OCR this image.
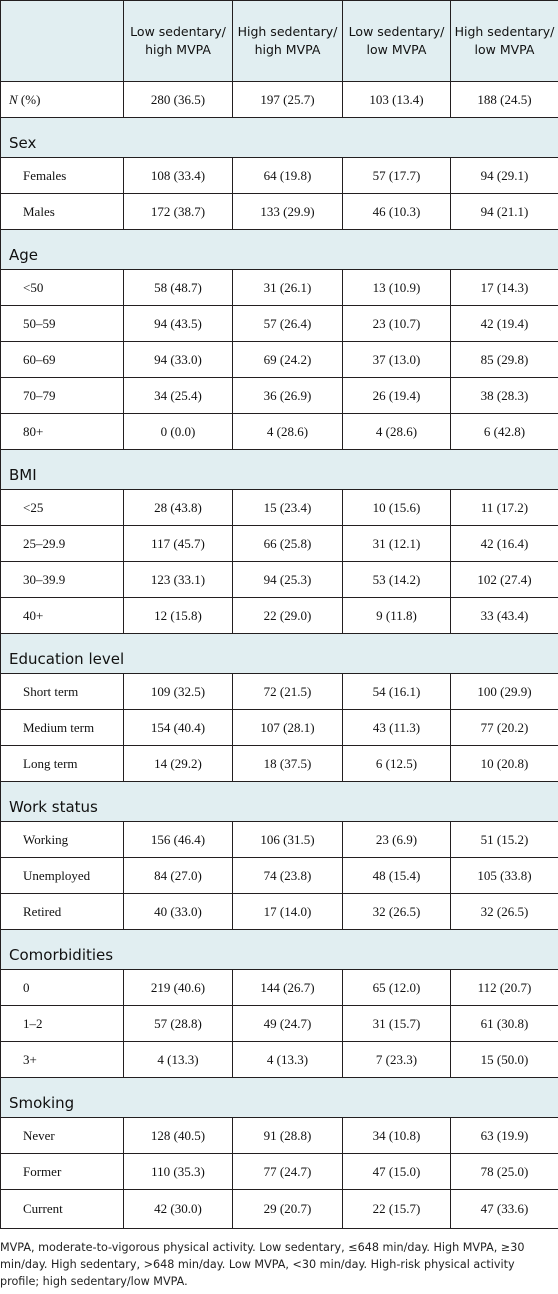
	Low sedentary/ high MVPA	High sedentary/ high MVPA	Low sedentary/ low MVPA	High sedentary/ low MVPA
N (%)	280 (36.5)	197 (25.7)	103 (13.4)	188 (24.5)
Sex				
Females	108 (33.4)	64 (19.8)	57 (17.7)	94 (29.1)
Males	172 (38.7)	133 (29.9)	46 (10.3)	94 (21.1)
Age				
<50	58 (48.7)	31 (26.1)	13 (10.9)	17 (14.3)
50–59	94 (43.5)	57 (26.4)	23 (10.7)	42 (19.4)
60–69	94 (33.0)	69 (24.2)	37 (13.0)	85 (29.8)
70–79	34 (25.4)	36 (26.9)	26 (19.4)	38 (28.3)
80+	0 (0.0)	4 (28.6)	4 (28.6)	6 (42.8)
BMI				
<25	28 (43.8)	15 (23.4)	10 (15.6)	11 (17.2)
25–29.9	117 (45.7)	66 (25.8)	31 (12.1)	42 (16.4)
30–39.9	123 (33.1)	94 (25.3)	53 (14.2)	102 (27.4)
40+	12 (15.8)	22 (29.0)	9 (11.8)	33 (43.4)
Education level				
Short term	109 (32.5)	72 (21.5)	54 (16.1)	100 (29.9)
Medium term	154 (40.4)	107 (28.1)	43 (11.3)	77 (20.2)
Long term	14 (29.2)	18 (37.5)	6 (12.5)	10 (20.8)
Work status				
Working	156 (46.4)	106 (31.5)	23 (6.9)	51 (15.2)
Unemployed	84 (27.0)	74 (23.8)	48 (15.4)	105 (33.8)
Retired	40 (33.0)	17 (14.0)	32 (26.5)	32 (26.5)
Comorbidities				
0	219 (40.6)	144 (26.7)	65 (12.0)	112 (20.7)
1–2	57 (28.8)	49 (24.7)	31 (15.7)	61 (30.8)
3+	4 (13.3)	4 (13.3)	7 (23.3)	15 (50.0)
Smoking				
Never	128 (40.5)	91 (28.8)	34 (10.8)	63 (19.9)
Former	110 (35.3)	77 (24.7)	47 (15.0)	78 (25.0)
Current	42 (30.0)	29 (20.7)	22 (15.7)	47 (33.6)

MVPA, moderate-to-vigorous physical activity. Low sedentary, ≤648 min/day. High MVPA, ≥30 min/day. High sedentary, >648 min/day. Low MVPA, <30 min/day. High-risk physical activity profile; high sedentary/low MVPA.
